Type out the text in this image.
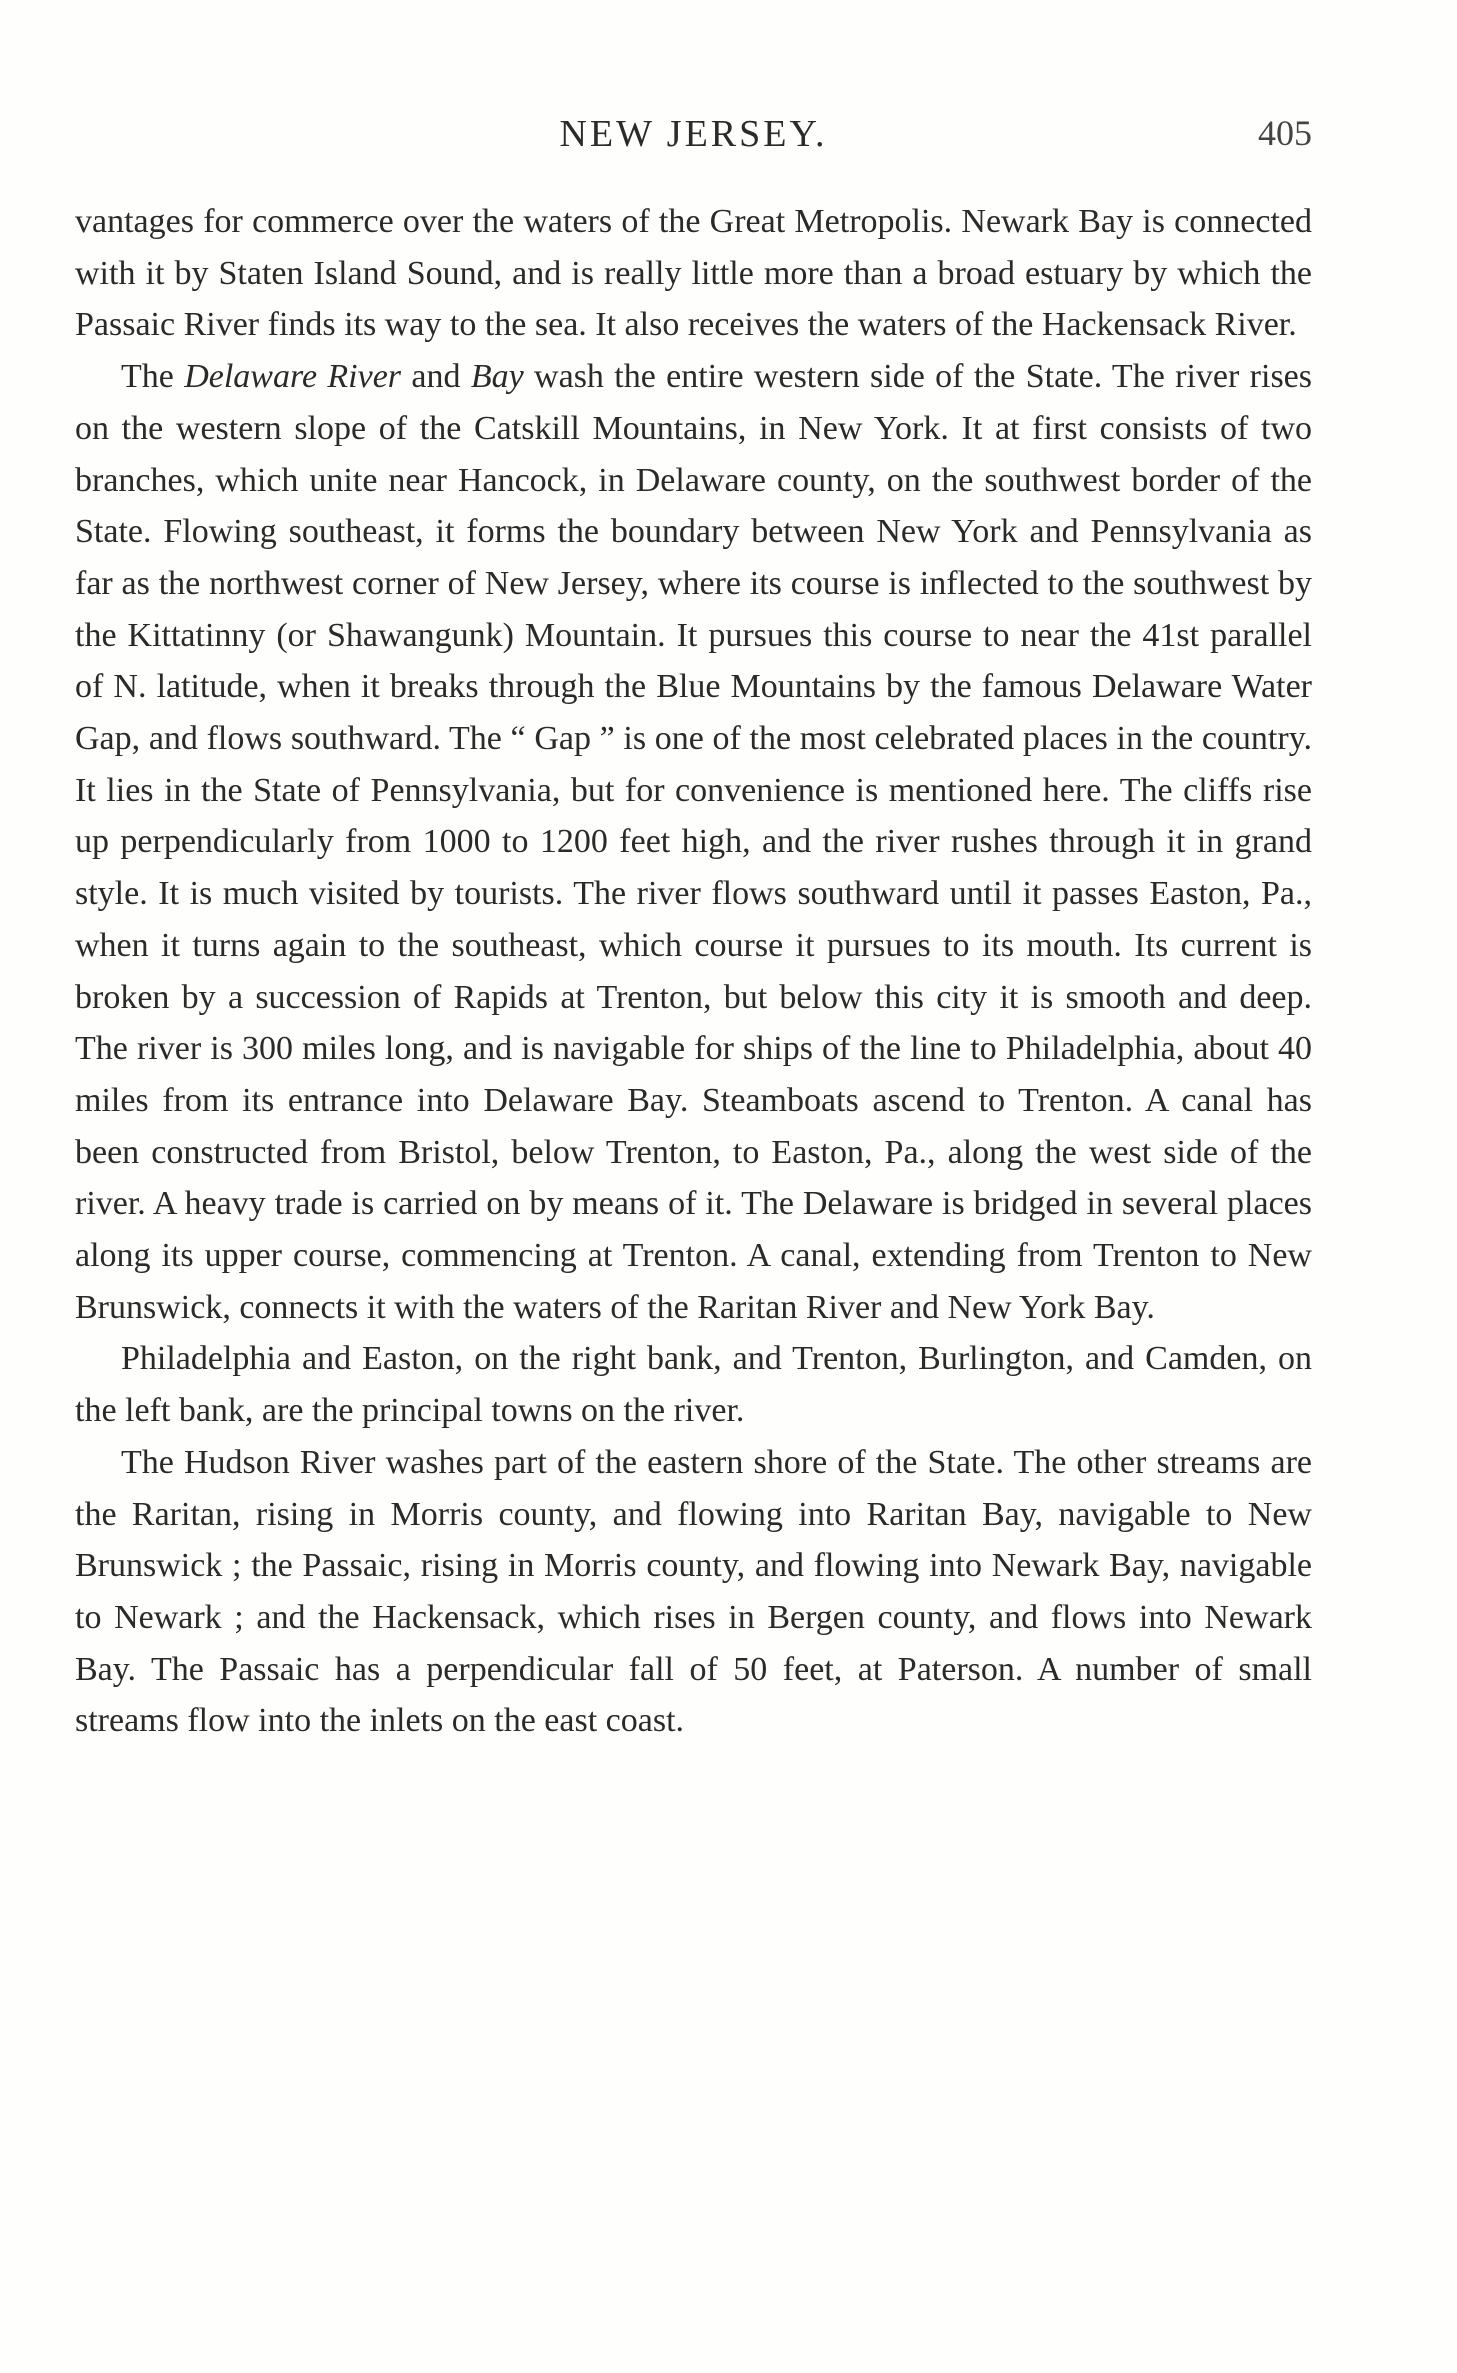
NEW JERSEY.	405

vantages for commerce over the waters of the Great Metropolis. Newark Bay is connected with it by Staten Island Sound, and is really little more than a broad estuary by which the Passaic River finds its way to the sea. It also receives the waters of the Hackensack River.

The Delaware River and Bay wash the entire western side of the State. The river rises on the western slope of the Catskill Mountains, in New York. It at first consists of two branches, which unite near Hancock, in Delaware county, on the southwest border of the State. Flowing southeast, it forms the boundary between New York and Pennsylvania as far as the northwest corner of New Jersey, where its course is inflected to the southwest by the Kittatinny (or Shawangunk) Mountain. It pursues this course to near the 41st parallel of N. latitude, when it breaks through the Blue Mountains by the famous Delaware Water Gap, and flows southward. The “ Gap ” is one of the most celebrated places in the country. It lies in the State of Pennsylvania, but for convenience is mentioned here. The cliffs rise up perpendicularly from 1000 to 1200 feet high, and the river rushes through it in grand style. It is much visited by tourists. The river flows southward until it passes Easton, Pa., when it turns again to the southeast, which course it pursues to its mouth. Its current is broken by a succession of Rapids at Trenton, but below this city it is smooth and deep. The river is 300 miles long, and is navigable for ships of the line to Philadelphia, about 40 miles from its entrance into Delaware Bay. Steamboats ascend to Trenton. A canal has been constructed from Bristol, below Trenton, to Easton, Pa., along the west side of the river. A heavy trade is carried on by means of it. The Delaware is bridged in several places along its upper course, commencing at Trenton. A canal, extending from Trenton to New Brunswick, connects it with the waters of the Raritan River and New York Bay.

Philadelphia and Easton, on the right bank, and Trenton, Burlington, and Camden, on the left bank, are the principal towns on the river.

The Hudson River washes part of the eastern shore of the State. The other streams are the Raritan, rising in Morris county, and flowing into Raritan Bay, navigable to New Brunswick ; the Passaic, rising in Morris county, and flowing into Newark Bay, navigable to Newark ; and the Hackensack, which rises in Bergen county, and flows into Newark Bay. The Passaic has a perpendicular fall of 50 feet, at Paterson. A number of small streams flow into the inlets on the east coast.
